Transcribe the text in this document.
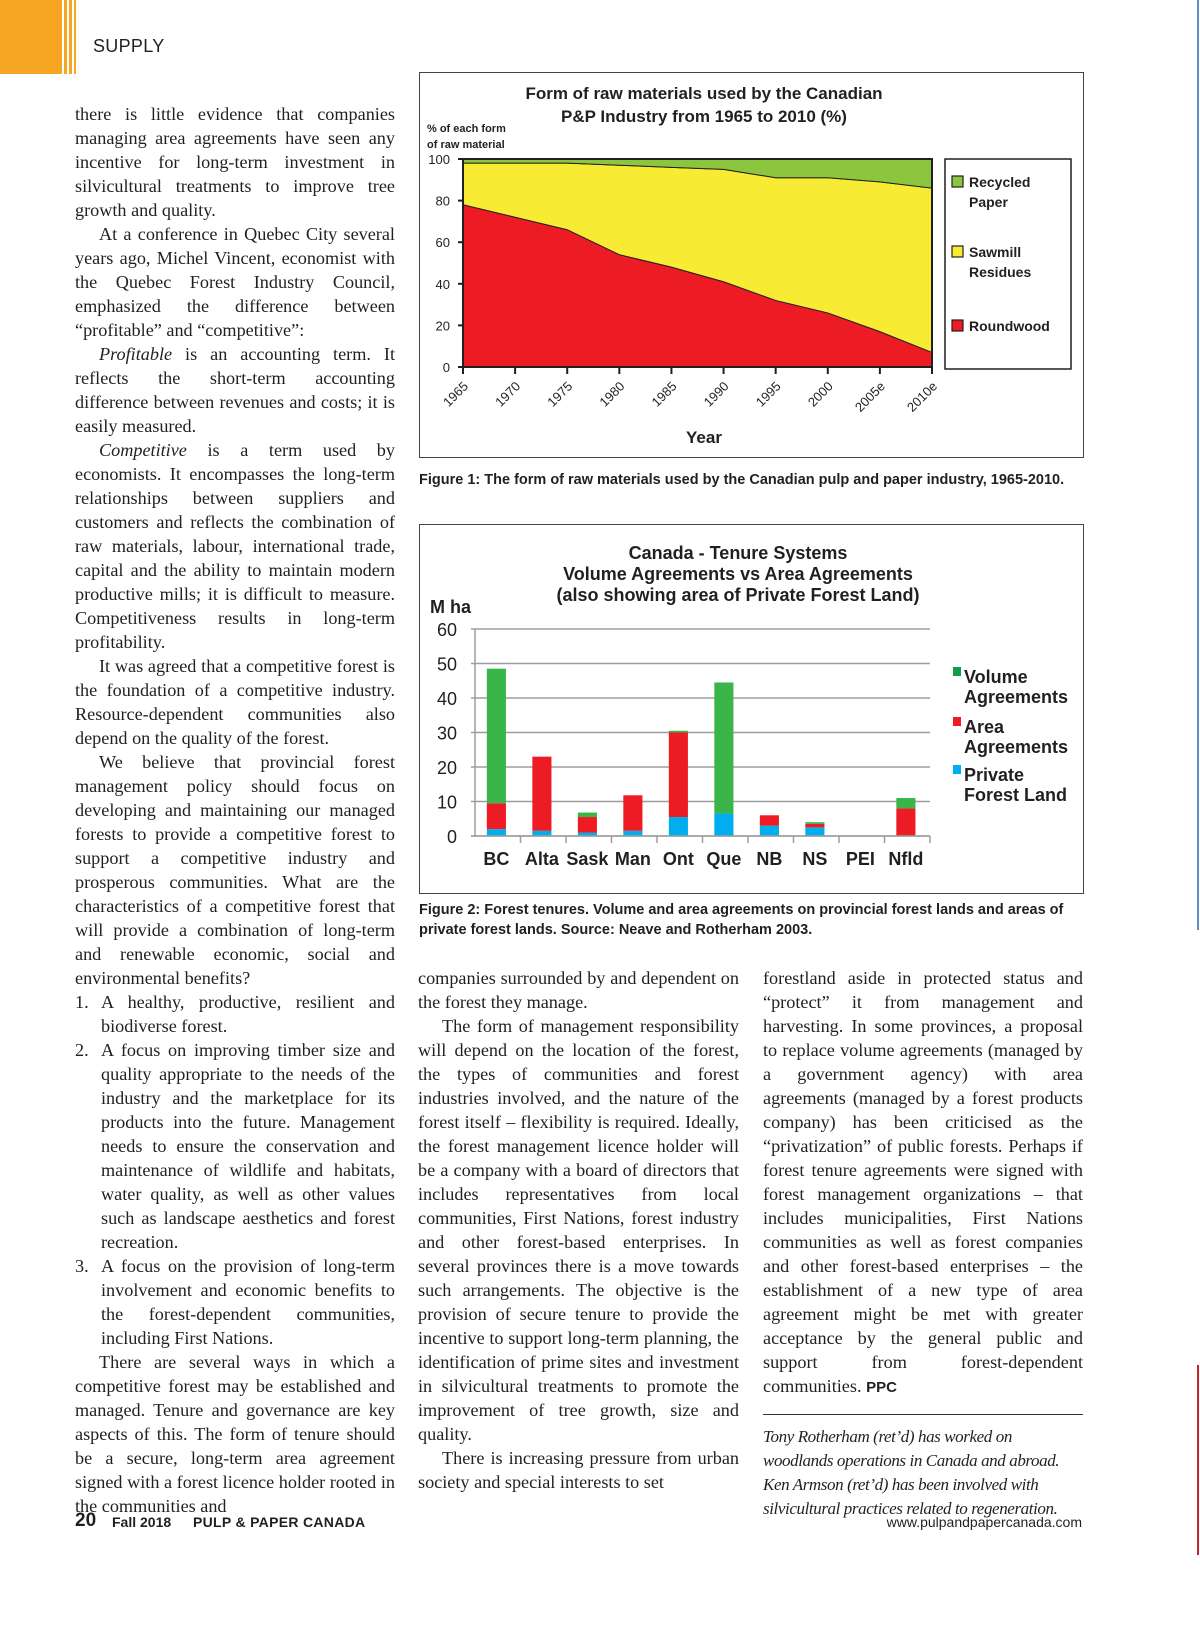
SUPPLY

there is little evidence that companies managing area agreements have seen any incentive for long-term investment in silvicultural treatments to improve tree growth and quality.

At a conference in Quebec City several years ago, Michel Vincent, economist with the Quebec Forest Industry Council, emphasized the difference between “profitable” and “competitive”:

Profitable is an accounting term. It reflects the short-term accounting difference between revenues and costs; it is easily measured.

Competitive is a term used by economists. It encompasses the long-term relationships between suppliers and customers and reflects the combination of raw materials, labour, international trade, capital and the ability to maintain modern productive mills; it is difficult to measure. Competitiveness results in long-term profitability.

It was agreed that a competitive forest is the foundation of a competitive industry. Resource-dependent communities also depend on the quality of the forest.

We believe that provincial forest management policy should focus on developing and maintaining our managed forests to provide a competitive forest to support a competitive industry and prosperous communities. What are the characteristics of a competitive forest that will provide a combination of long-term and renewable economic, social and environmental benefits?

1. A healthy, productive, resilient and biodiverse forest.
2. A focus on improving timber size and quality appropriate to the needs of the industry and the marketplace for its products into the future. Management needs to ensure the conservation and maintenance of wildlife and habitats, water quality, as well as other values such as landscape aesthetics and forest recreation.
3. A focus on the provision of long-term involvement and economic benefits to the forest-dependent communities, including First Nations.

There are several ways in which a competitive forest may be established and managed. Tenure and governance are key aspects of this. The form of tenure should be a secure, long-term area agreement signed with a forest licence holder rooted in the communities and

Form of raw materials used by the Canadian
P&P Industry from 1965 to 2010 (%)
% of each form
of raw material
0
20
40
60
80
100
1965 1970 1975 1980 1985 1990 1995 2000 2005e 2010e
Year
Recycled
Paper
Sawmill
Residues
Roundwood
Figure 1: The form of raw materials used by the Canadian pulp and paper industry, 1965-2010.
Canada - Tenure Systems
Volume Agreements vs Area Agreements
(also showing area of Private Forest Land)
M ha
0
10
20
30
40
50
60
BC Alta Sask Man Ont Que NB NS PEI Nfld
Volume
Agreements
Area
Agreements
Private
Forest Land
Figure 2: Forest tenures. Volume and area agreements on provincial forest lands and areas of private forest lands. Source: Neave and Rotherham 2003.

companies surrounded by and dependent on the forest they manage.

The form of management responsibility will depend on the location of the forest, the types of communities and forest industries involved, and the nature of the forest itself – flexibility is required. Ideally, the forest management licence holder will be a company with a board of directors that includes representatives from local communities, First Nations, forest industry and other forest-based enterprises. In several provinces there is a move towards such arrangements. The objective is the provision of secure tenure to provide the incentive to support long-term planning, the identification of prime sites and investment in silvicultural treatments to promote the improvement of tree growth, size and quality.

There is increasing pressure from urban society and special interests to set

forestland aside in protected status and “protect” it from management and harvesting. In some provinces, a proposal to replace volume agreements (managed by a government agency) with area agreements (managed by a forest products company) has been criticised as the “privatization” of public forests. Perhaps if forest tenure agreements were signed with forest management organizations – that includes municipalities, First Nations communities as well as forest companies and other forest-based enterprises – the establishment of a new type of area agreement might be met with greater acceptance by the general public and support from forest-dependent communities. PPC

Tony Rotherham (ret’d) has worked on woodlands operations in Canada and abroad. Ken Armson (ret’d) has been involved with silvicultural practices related to regeneration.

20 Fall 2018 PULP & PAPER CANADA	www.pulpandpapercanada.com
